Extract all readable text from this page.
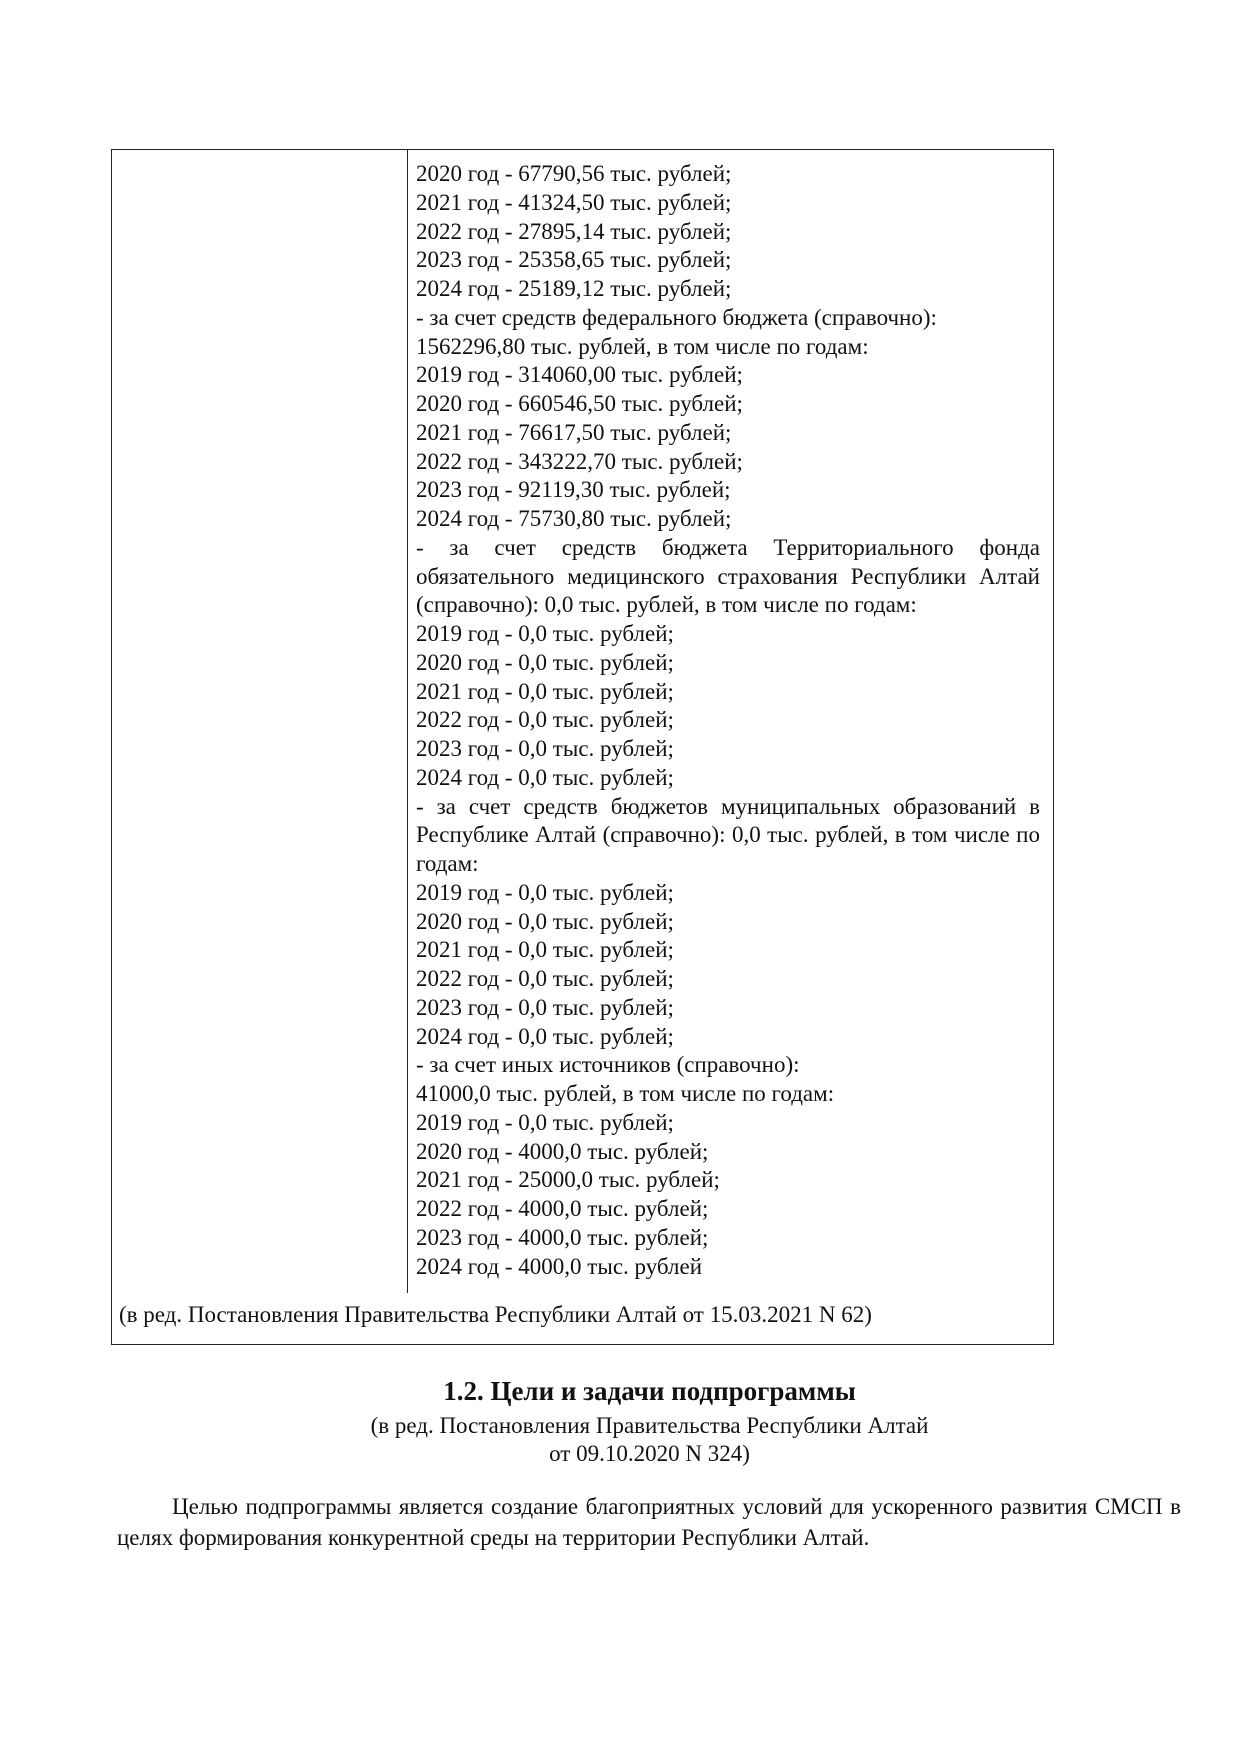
2020 год - 67790,56 тыс. рублей;
2021 год - 41324,50 тыс. рублей;
2022 год - 27895,14 тыс. рублей;
2023 год - 25358,65 тыс. рублей;
2024 год - 25189,12 тыс. рублей;
- за счет средств федерального бюджета (справочно):
1562296,80 тыс. рублей, в том числе по годам:
2019 год - 314060,00 тыс. рублей;
2020 год - 660546,50 тыс. рублей;
2021 год - 76617,50 тыс. рублей;
2022 год - 343222,70 тыс. рублей;
2023 год - 92119,30 тыс. рублей;
2024 год - 75730,80 тыс. рублей;
- за счет средств бюджета Территориального фонда обязательного медицинского страхования Республики Алтай (справочно): 0,0 тыс. рублей, в том числе по годам:
2019 год - 0,0 тыс. рублей;
2020 год - 0,0 тыс. рублей;
2021 год - 0,0 тыс. рублей;
2022 год - 0,0 тыс. рублей;
2023 год - 0,0 тыс. рублей;
2024 год - 0,0 тыс. рублей;
- за счет средств бюджетов муниципальных образований в Республике Алтай (справочно): 0,0 тыс. рублей, в том числе по годам:
2019 год - 0,0 тыс. рублей;
2020 год - 0,0 тыс. рублей;
2021 год - 0,0 тыс. рублей;
2022 год - 0,0 тыс. рублей;
2023 год - 0,0 тыс. рублей;
2024 год - 0,0 тыс. рублей;
- за счет иных источников (справочно):
41000,0 тыс. рублей, в том числе по годам:
2019 год - 0,0 тыс. рублей;
2020 год - 4000,0 тыс. рублей;
2021 год - 25000,0 тыс. рублей;
2022 год - 4000,0 тыс. рублей;
2023 год - 4000,0 тыс. рублей;
2024 год - 4000,0 тыс. рублей
(в ред. Постановления Правительства Республики Алтай от 15.03.2021 N 62)
1.2. Цели и задачи подпрограммы
(в ред. Постановления Правительства Республики Алтай
от 09.10.2020 N 324)
Целью подпрограммы является создание благоприятных условий для ускоренного развития СМСП в целях формирования конкурентной среды на территории Республики Алтай.
